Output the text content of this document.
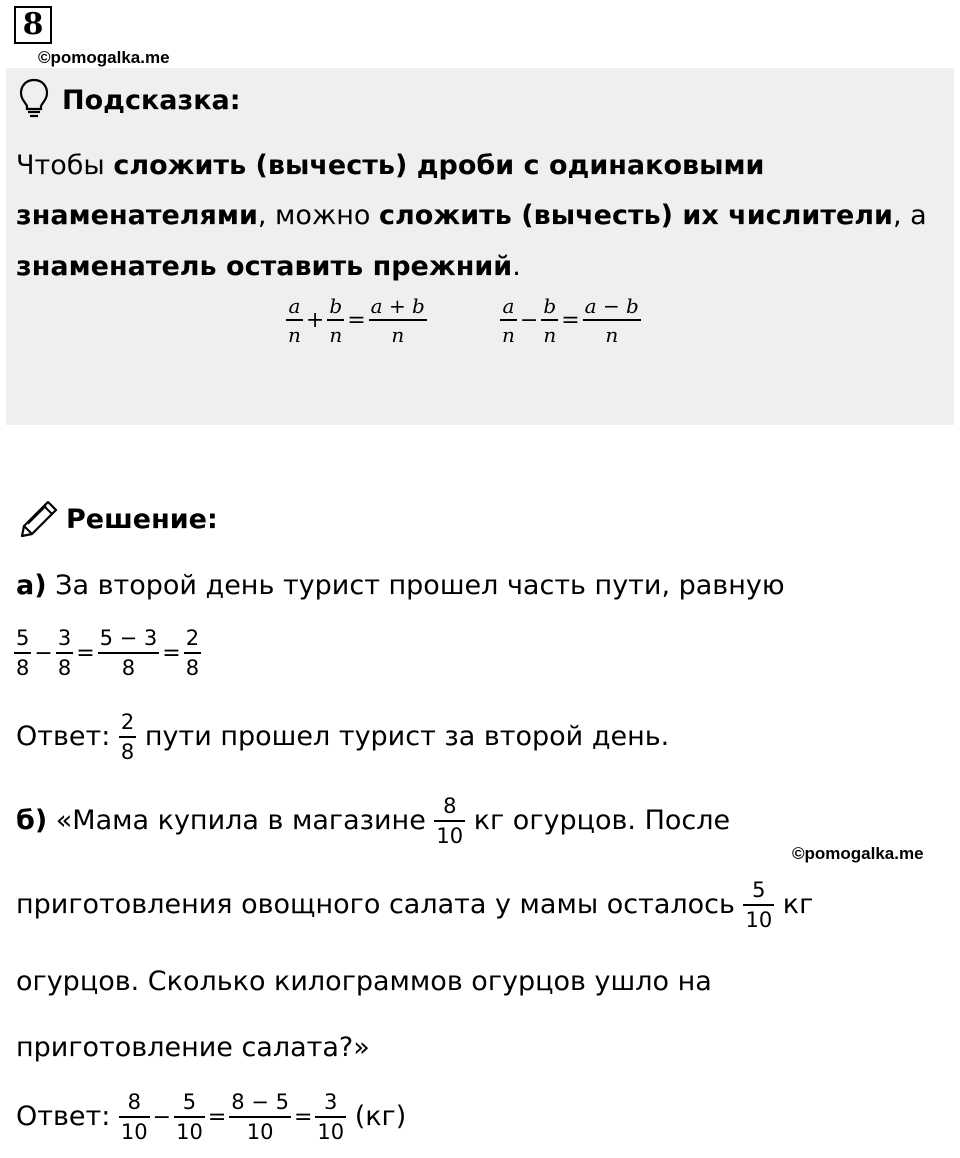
8
©pomogalka.me
Подсказка:
Чтобы сложить (вычесть) дроби с одинаковыми
знаменателями, можно сложить (вычесть) их числители, а
знаменатель оставить прежний.
$\frac{a}{n} + \frac{b}{n} = \frac{a + b}{n}$	$\frac{a}{n} - \frac{b}{n} = \frac{a - b}{n}$
Решение:
а) За второй день турист прошел часть пути, равную
$\frac{5}{8} - \frac{3}{8} = \frac{5 - 3}{8} = \frac{2}{8}$
Ответ: $\frac{2}{8}$ пути прошел турист за второй день.
б) «Мама купила в магазине $\frac{8}{10}$ кг огурцов. После
©pomogalka.me
приготовления овощного салата у мамы осталось $\frac{5}{10}$ кг
огурцов. Сколько килограммов огурцов ушло на
приготовление салата?»
Ответ: $\frac{8}{10} - \frac{5}{10} = \frac{8 - 5}{10} = \frac{3}{10} (кг)$
